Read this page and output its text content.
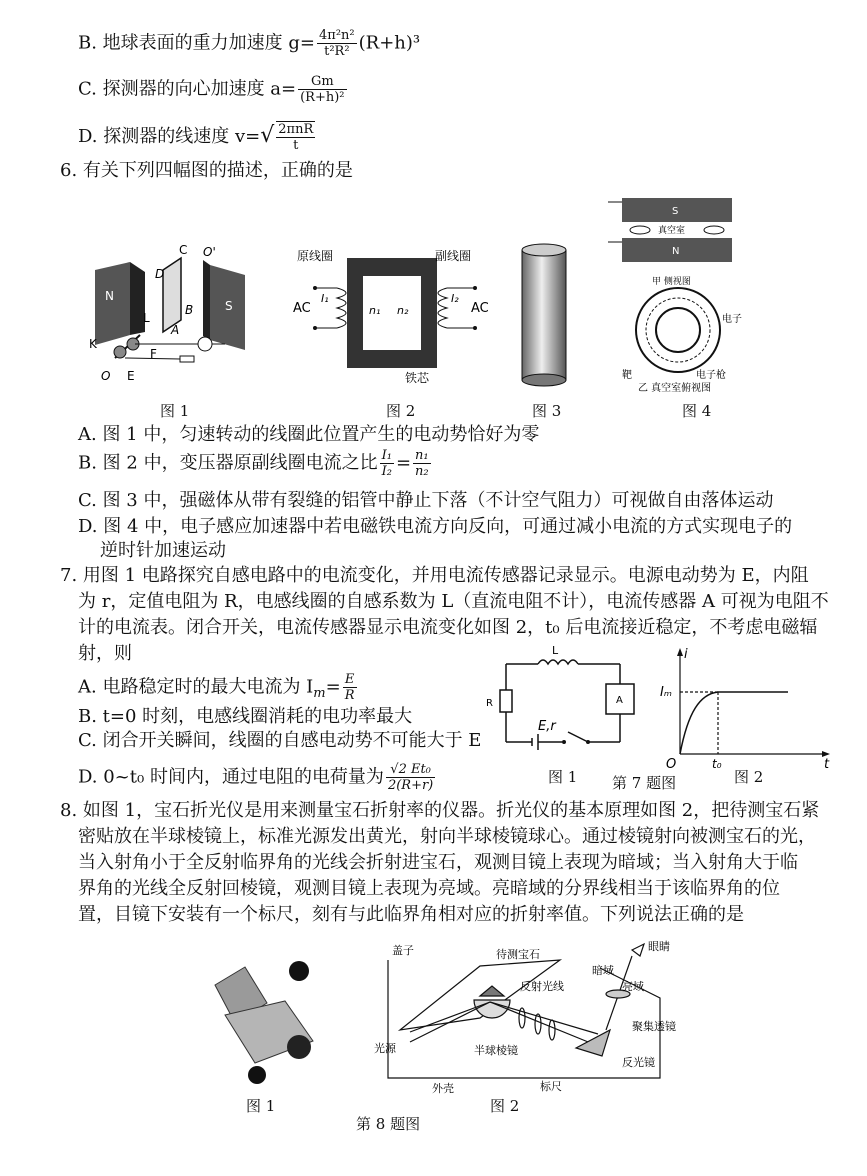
B. 地球表面的重力加速度 $g= \frac{\text{4π²n²}}{\text{t²R²}} (R+h)^3$
C. 探测器的向心加速度 $a= \frac{Gm}{\text{(R+h)²}}$
D. 探测器的线速度 $v=√ \frac{\text{2πnR}}{t}$
6. 有关下列四幅图的描述，正确的是
N
S
C
D
O'
B
A
L
K
F
O E
原线圈	副线圈
AC	AC
I₁	I₂
n₁ n₂
铁芯
S
N
真空室
甲 侧视图
电子
电子枪
靶
乙 真空室俯视图
图 1	图 2	图 3	图 4
A. 图 1 中，匀速转动的线圈此位置产生的电动势恰好为零
B. 图 2 中，变压器原副线圈电流之比 $\frac{\text{I₁}}{\text{I₂}} = \frac{\text{n₁}}{\text{n₂}}$
C. 图 3 中，强磁体从带有裂缝的铝管中静止下落（不计空气阻力）可视做自由落体运动
D. 图 4 中，电子感应加速器中若电磁铁电流方向反向，可通过减小电流的方式实现电子的
逆时针加速运动
7. 用图 1 电路探究自感电路中的电流变化，并用电流传感器记录显示。电源电动势为 E，内阻
为 r，定值电阻为 R，电感线圈的自感系数为 L（直流电阻不计），电流传感器 A 可视为电阻不
计的电流表。闭合开关，电流传感器显示电流变化如图 2，t₀ 后电流接近稳定，不考虑电磁辐
射，则
A. 电路稳定时的最大电流为 $I_m= \frac{E}{R}$
B. t=0 时刻，电感线圈消耗的电功率最大
C. 闭合开关瞬间，线圈的自感电动势不可能大于 E
D. 0~t₀ 时间内，通过电阻的电荷量为 $\frac{\text{√2 Et₀}}{2(R+r)}$
L
R	A
E,r
图 1 第 7 题图
i
Iₘ
O	t₀	t
图 2
8. 如图 1，宝石折光仪是用来测量宝石折射率的仪器。折光仪的基本原理如图 2，把待测宝石紧
密贴放在半球棱镜上，标准光源发出黄光，射向半球棱镜球心。通过棱镜射向被测宝石的光，
当入射角小于全反射临界角的光线会折射进宝石，观测目镜上表现为暗域；当入射角大于临
界角的光线全反射回棱镜，观测目镜上表现为亮域。亮暗域的分界线相当于该临界角的位
置，目镜下安装有一个标尺，刻有与此临界角相对应的折射率值。下列说法正确的是
图 1
盖子	待测宝石
眼睛
暗域
亮域
反射光线
光源
聚集透镜
半球棱镜
反光镜
标尺
外壳
图 2
第 8 题图
